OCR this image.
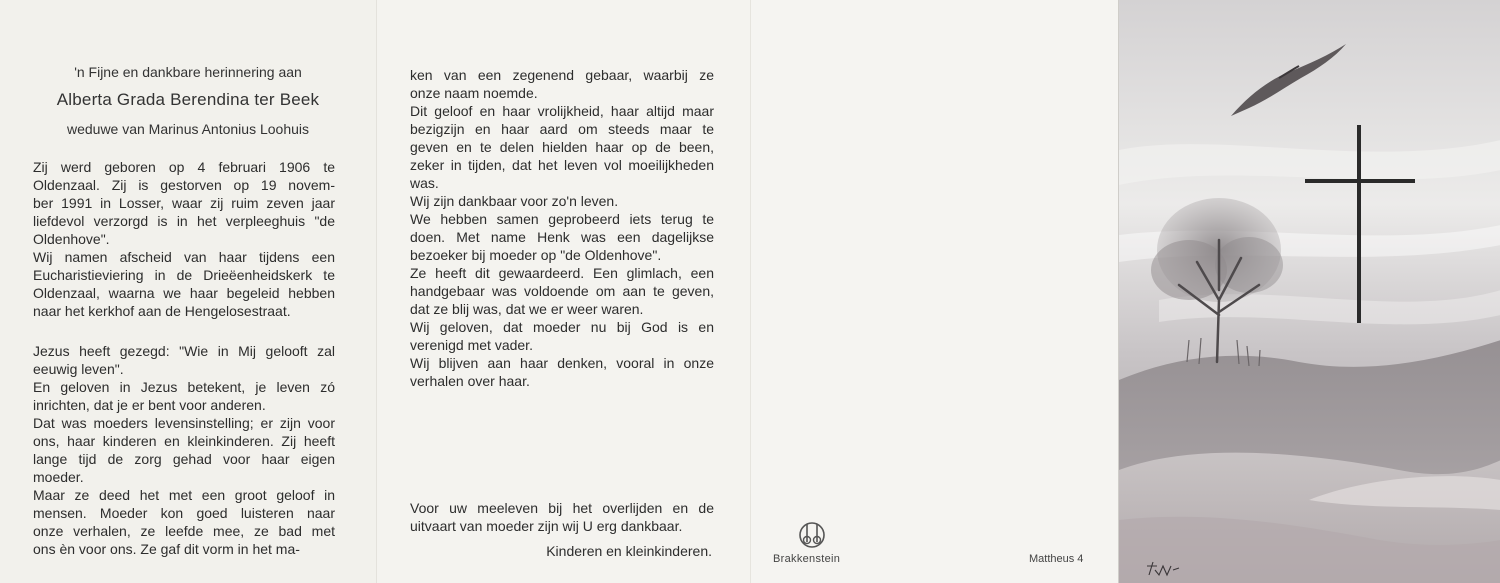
'n Fijne en dankbare herinnering aan
Alberta Grada Berendina ter Beek
weduwe van Marinus Antonius Loohuis

Zij werd geboren op 4 februari 1906 te
Oldenzaal. Zij is gestorven op 19 novem-
ber 1991 in Losser, waar zij ruim zeven jaar
liefdevol verzorgd is in het verpleeghuis "de
Oldenhove".
Wij namen afscheid van haar tijdens een
Eucharistieviering in de Drieëenheidskerk te
Oldenzaal, waarna we haar begeleid hebben
naar het kerkhof aan de Hengelosestraat.

Jezus heeft gezegd: "Wie in Mij gelooft zal
eeuwig leven".
En geloven in Jezus betekent, je leven zó
inrichten, dat je er bent voor anderen.
Dat was moeders levensinstelling; er zijn voor
ons, haar kinderen en kleinkinderen. Zij heeft
lange tijd de zorg gehad voor haar eigen
moeder.
Maar ze deed het met een groot geloof in
mensen. Moeder kon goed luisteren naar
onze verhalen, ze leefde mee, ze bad met
ons èn voor ons. Ze gaf dit vorm in het ma-

ken van een zegenend gebaar, waarbij ze
onze naam noemde.
Dit geloof en haar vrolijkheid, haar altijd maar
bezigzijn en haar aard om steeds maar te
geven en te delen hielden haar op de been,
zeker in tijden, dat het leven vol moeilijkheden
was.
Wij zijn dankbaar voor zo'n leven.
We hebben samen geprobeerd iets terug te
doen. Met name Henk was een dagelijkse
bezoeker bij moeder op "de Oldenhove".
Ze heeft dit gewaardeerd. Een glimlach, een
handgebaar was voldoende om aan te geven,
dat ze blij was, dat we er weer waren.
Wij geloven, dat moeder nu bij God is en
verenigd met vader.
Wij blijven aan haar denken, vooral in onze
verhalen over haar.

Voor uw meeleven bij het overlijden en de
uitvaart van moeder zijn wij U erg dankbaar.

Kinderen en kleinkinderen.	Brakkenstein	Mattheus 4
